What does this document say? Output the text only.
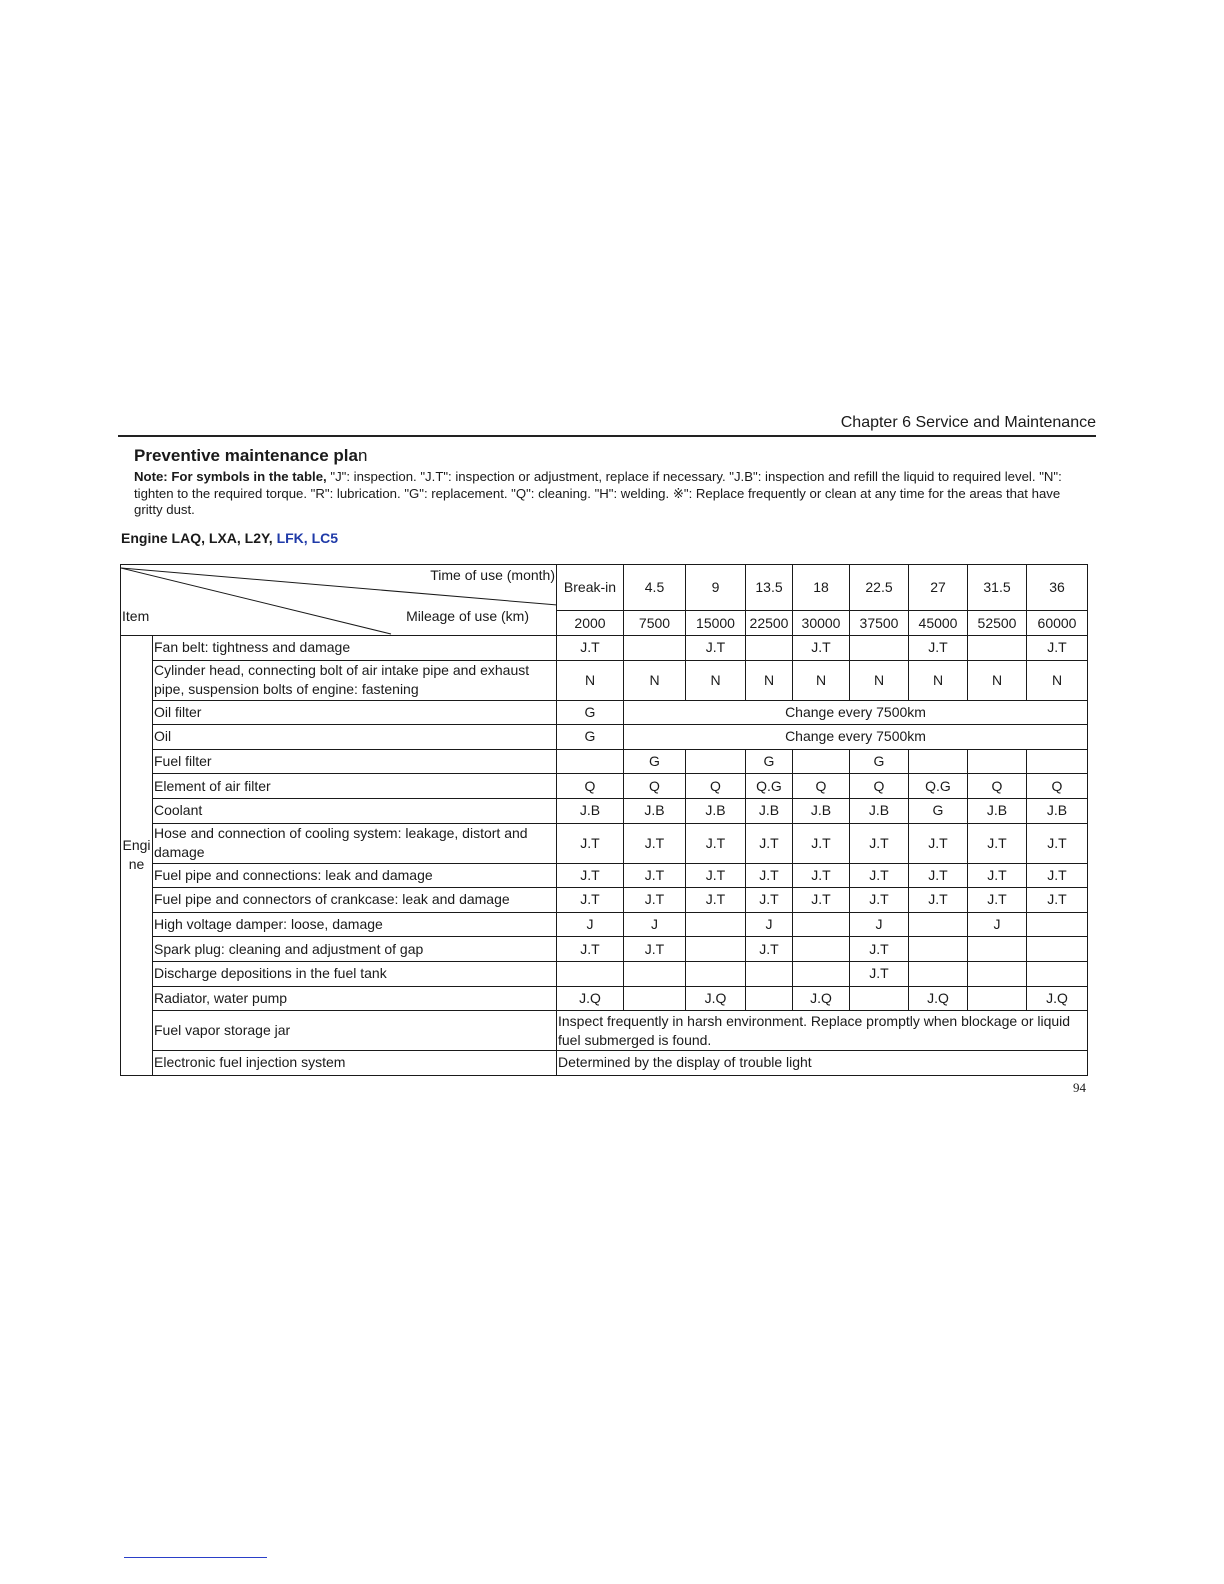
Chapter 6 Service and Maintenance
Preventive maintenance plan
Note: For symbols in the table, "J": inspection. "J.T": inspection or adjustment, replace if necessary. "J.B": inspection and refill the liquid to required level. "N": tighten to the required torque. "R": lubrication. "G": replacement. "Q": cleaning. "H": welding. ※": Replace frequently or clean at any time for the areas that have gritty dust.
Engine LAQ, LXA, L2Y, LFK, LC5
Time of use (month)
Mileage of use (km)
Item		Break-in	4.5	9	13.5	18	22.5	27	31.5	36
		2000	7500	15000	22500	30000	37500	45000	52500	60000

Engi
ne	Fan belt: tightness and damage	J.T		J.T		J.T		J.T		J.T
	Cylinder head, connecting bolt of air intake pipe and exhaust pipe, suspension bolts of engine: fastening	N	N	N	N	N	N	N	N	N
	Oil filter	G	Change every 7500km							
	Oil	G	Change every 7500km							
	Fuel filter		G		G		G			
	Element of air filter	Q	Q	Q	Q.G	Q	Q	Q.G	Q	Q
	Coolant	J.B	J.B	J.B	J.B	J.B	J.B	G	J.B	J.B
	Hose and connection of cooling system: leakage, distort and damage	J.T	J.T	J.T	J.T	J.T	J.T	J.T	J.T	J.T
	Fuel pipe and connections: leak and damage	J.T	J.T	J.T	J.T	J.T	J.T	J.T	J.T	J.T
	Fuel pipe and connectors of crankcase: leak and damage	J.T	J.T	J.T	J.T	J.T	J.T	J.T	J.T	J.T
	High voltage damper: loose, damage	J	J		J		J		J	
	Spark plug: cleaning and adjustment of gap	J.T	J.T		J.T		J.T			
	Discharge depositions in the fuel tank						J.T			
	Radiator, water pump	J.Q		J.Q		J.Q		J.Q		J.Q
	Fuel vapor storage jar	Inspect frequently in harsh environment. Replace promptly when blockage or liquid fuel submerged is found.								
	Electronic fuel injection system	Determined by the display of trouble light								
94
